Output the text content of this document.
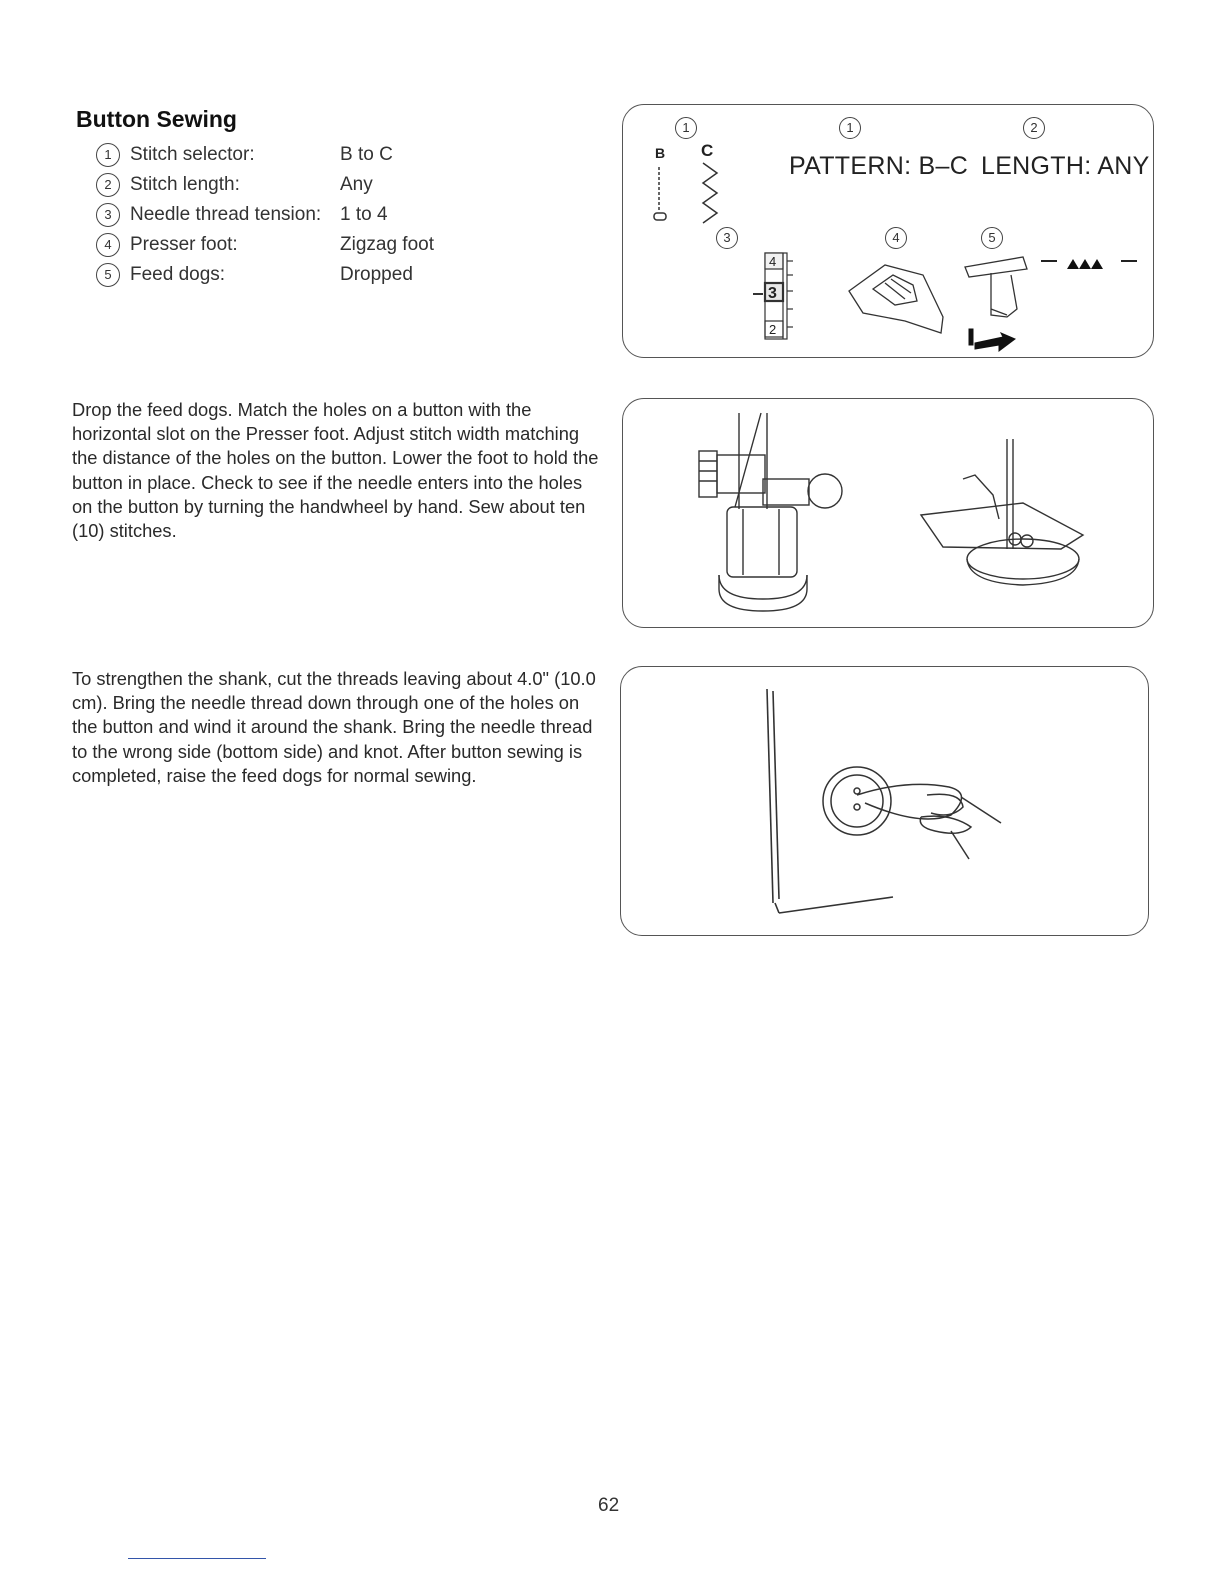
Button Sewing
1 Stitch selector:	B to C
2 Stitch length:	Any
3 Needle thread tension: 1 to 4
4 Presser foot:	Zigzag foot
5 Feed dogs:	Dropped
Drop the feed dogs. Match the holes on a button with the horizontal slot on the Presser foot. Adjust stitch width matching the distance of the holes on the button. Lower the foot to hold the button in place. Check to see if the needle enters into the holes on the button by turning the handwheel by hand. Sew about ten (10) stitches.
To strengthen the shank, cut the threads leaving about 4.0" (10.0 cm). Bring the needle thread down through one of the holes on the button and wind it around the shank. Bring the needle thread to the wrong side (bottom side) and knot. After button sewing is completed, raise the feed dogs for normal sewing.
1	1	2
B C
PATTERN: B–C LENGTH: ANY
3	4	5
4
3
2
62
